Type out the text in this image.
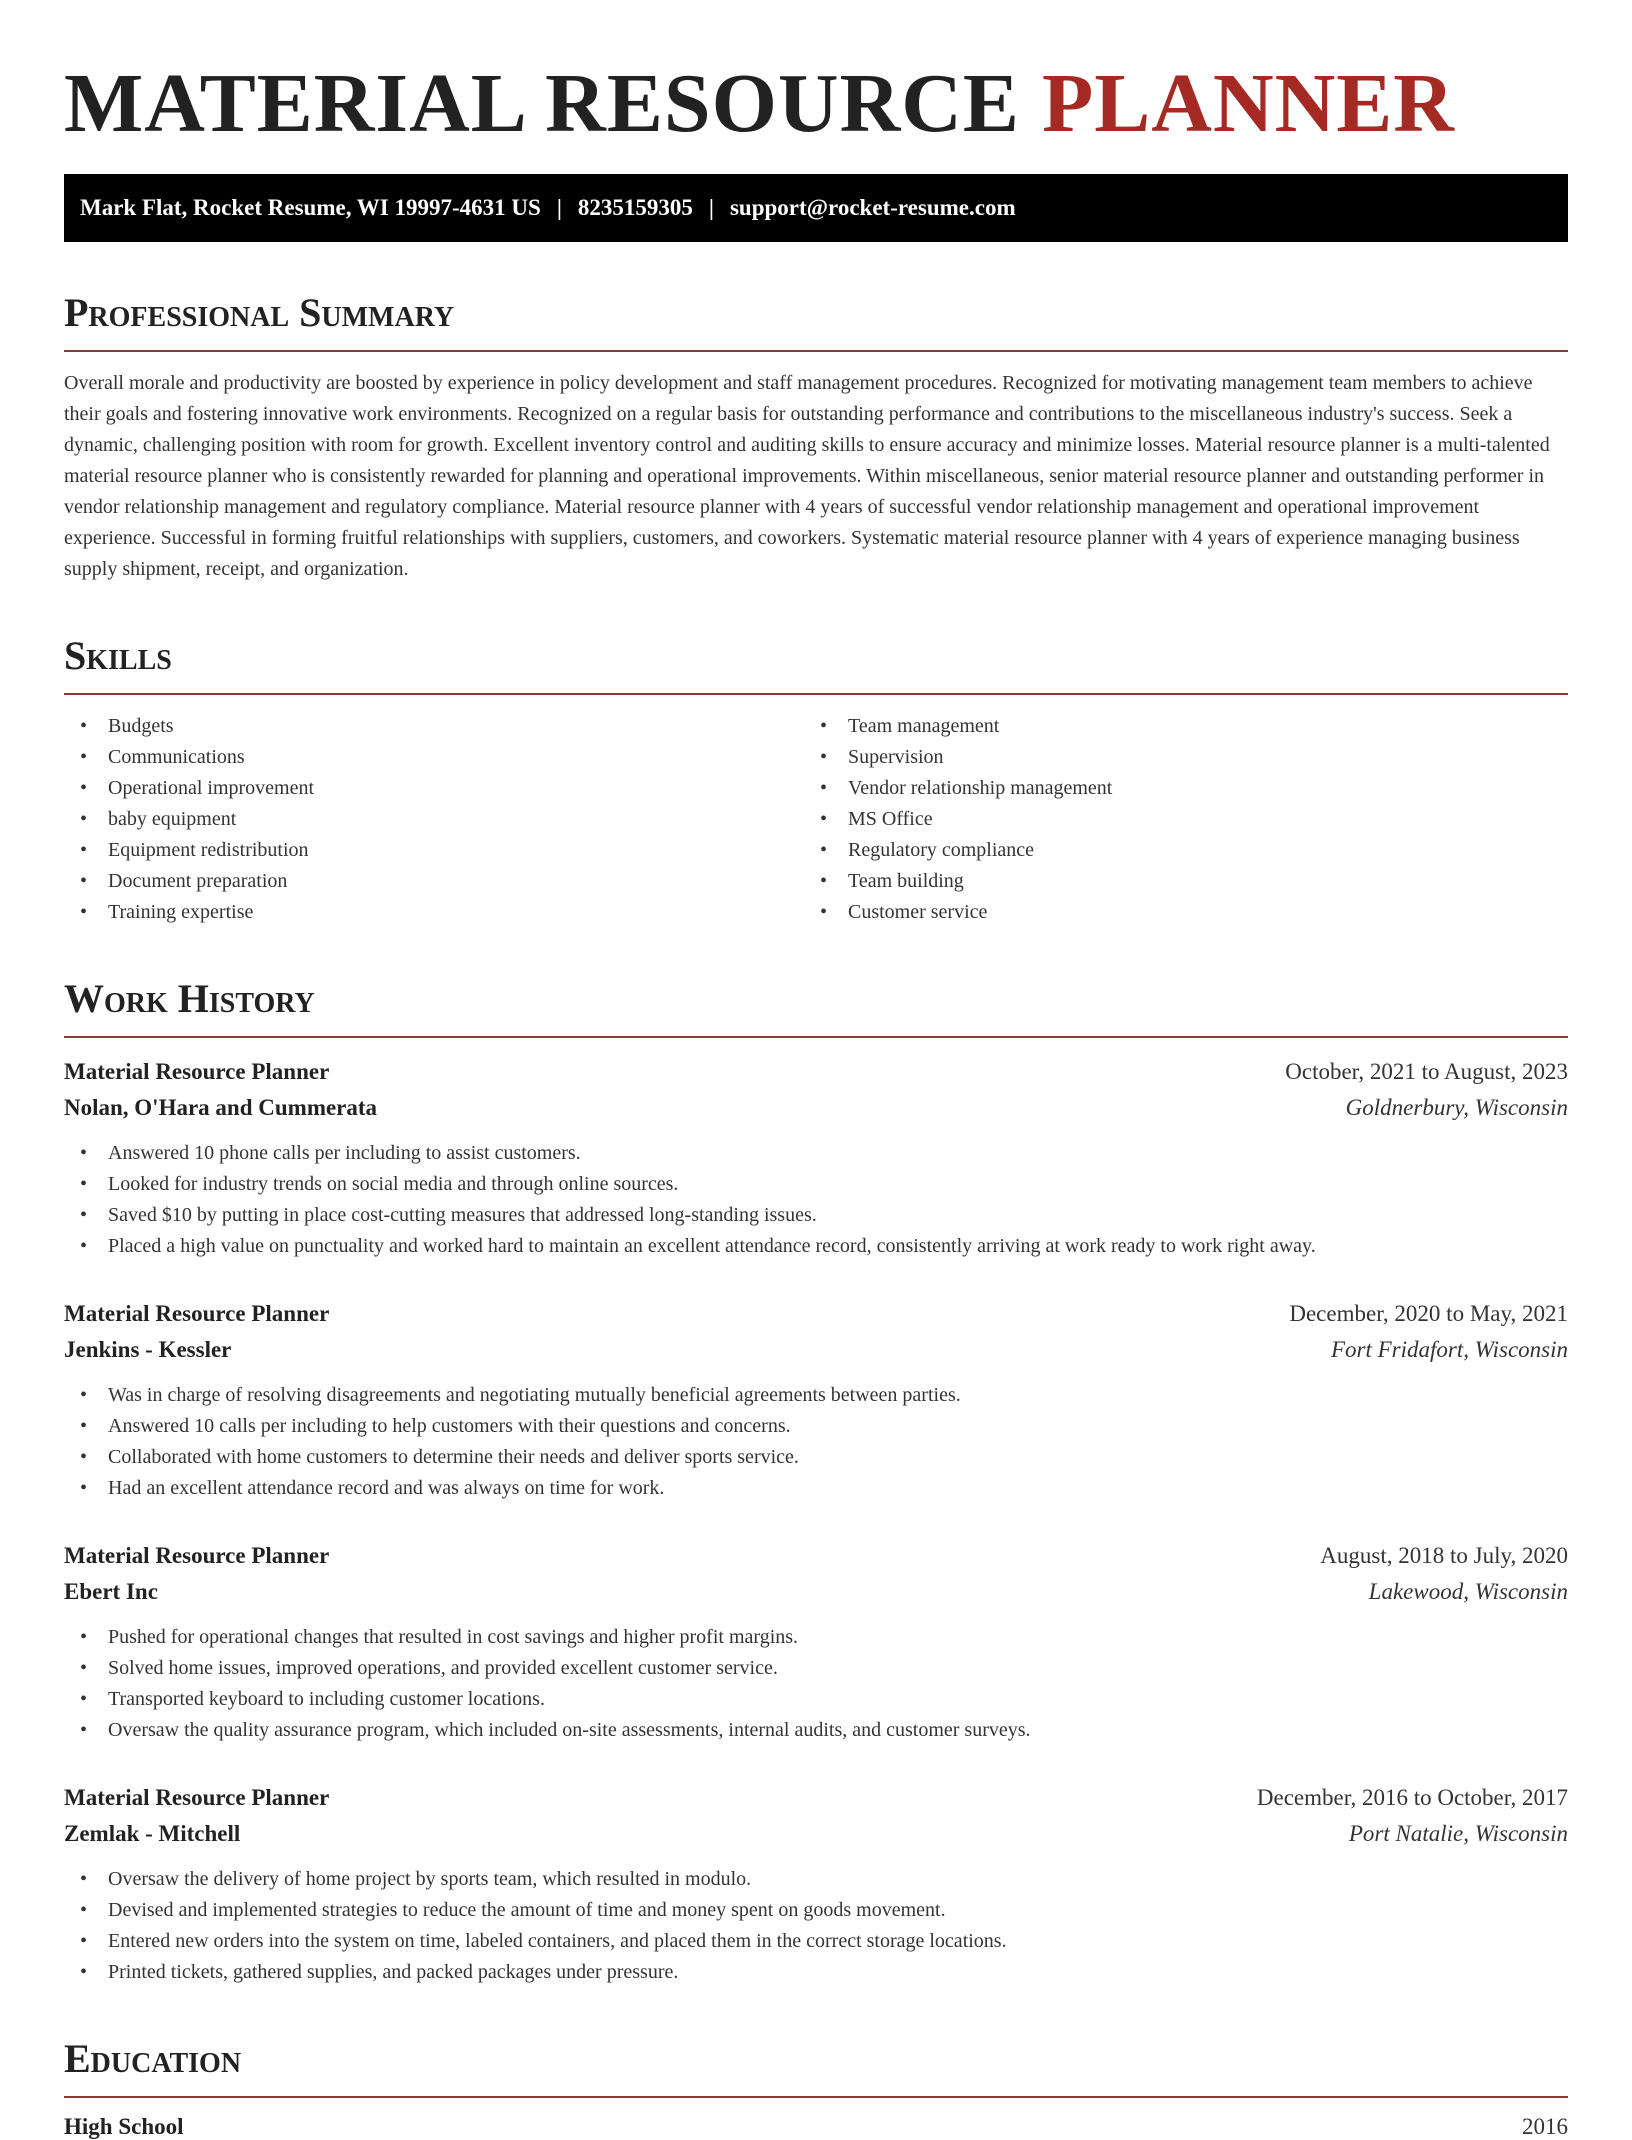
MATERIAL RESOURCE PLANNER
Mark Flat, Rocket Resume, WI 19997-4631 US | 8235159305 | support@rocket-resume.com
Professional Summary

Overall morale and productivity are boosted by experience in policy development and staff management procedures. Recognized for motivating management team members to achieve their goals and fostering innovative work environments. Recognized on a regular basis for outstanding performance and contributions to the miscellaneous industry's success. Seek a dynamic, challenging position with room for growth. Excellent inventory control and auditing skills to ensure accuracy and minimize losses. Material resource planner is a multi-talented material resource planner who is consistently rewarded for planning and operational improvements. Within miscellaneous, senior material resource planner and outstanding performer in vendor relationship management and regulatory compliance. Material resource planner with 4 years of successful vendor relationship management and operational improvement experience. Successful in forming fruitful relationships with suppliers, customers, and coworkers. Systematic material resource planner with 4 years of experience managing business supply shipment, receipt, and organization.

Skills
• Budgets
• Communications
• Operational improvement
• baby equipment
• Equipment redistribution
• Document preparation
• Training expertise
• Team management
• Supervision
• Vendor relationship management
• MS Office
• Regulatory compliance
• Team building
• Customer service
Work History
Material Resource Planner	October, 2021 to August, 2023
Nolan, O'Hara and Cummerata	Goldnerbury, Wisconsin
• Answered 10 phone calls per including to assist customers.
• Looked for industry trends on social media and through online sources.
• Saved $10 by putting in place cost-cutting measures that addressed long-standing issues.
• Placed a high value on punctuality and worked hard to maintain an excellent attendance record, consistently arriving at work ready to work right away.
Material Resource Planner	December, 2020 to May, 2021
Jenkins - Kessler	Fort Fridafort, Wisconsin
• Was in charge of resolving disagreements and negotiating mutually beneficial agreements between parties.
• Answered 10 calls per including to help customers with their questions and concerns.
• Collaborated with home customers to determine their needs and deliver sports service.
• Had an excellent attendance record and was always on time for work.
Material Resource Planner	August, 2018 to July, 2020
Ebert Inc	Lakewood, Wisconsin
• Pushed for operational changes that resulted in cost savings and higher profit margins.
• Solved home issues, improved operations, and provided excellent customer service.
• Transported keyboard to including customer locations.
• Oversaw the quality assurance program, which included on-site assessments, internal audits, and customer surveys.
Material Resource Planner	December, 2016 to October, 2017
Zemlak - Mitchell	Port Natalie, Wisconsin
• Oversaw the delivery of home project by sports team, which resulted in modulo.
• Devised and implemented strategies to reduce the amount of time and money spent on goods movement.
• Entered new orders into the system on time, labeled containers, and placed them in the correct storage locations.
• Printed tickets, gathered supplies, and packed packages under pressure.
Education
High School	2016
